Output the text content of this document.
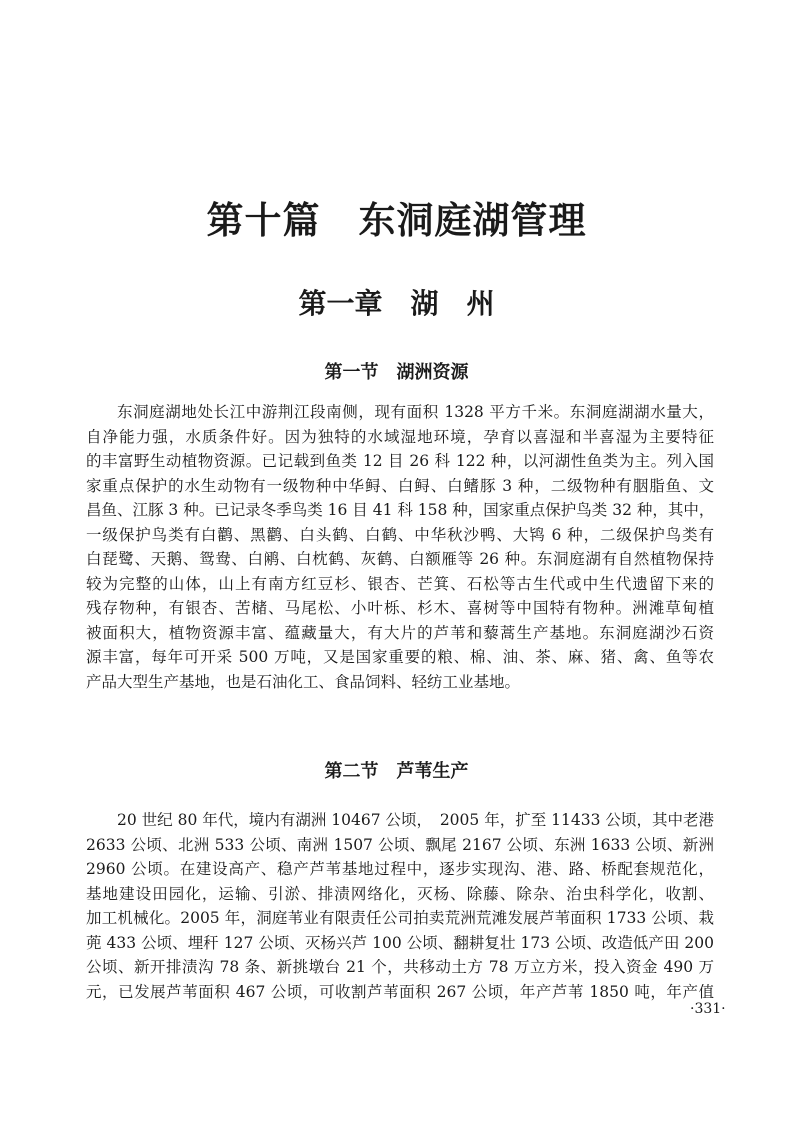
第十篇　东洞庭湖管理
第一章　湖　州
第一节　湖洲资源
东洞庭湖地处长江中游荆江段南侧，现有面积 1328 平方千米。东洞庭湖湖水量大，
自净能力强，水质条件好。因为独特的水域湿地环境，孕育以喜湿和半喜湿为主要特征
的丰富野生动植物资源。已记载到鱼类 12 目 26 科 122 种，以河湖性鱼类为主。列入国
家重点保护的水生动物有一级物种中华鲟、白鲟、白鳍豚 3 种，二级物种有胭脂鱼、文
昌鱼、江豚 3 种。已记录冬季鸟类 16 目 41 科 158 种，国家重点保护鸟类 32 种，其中，
一级保护鸟类有白鹳、黑鹳、白头鹤、白鹤、中华秋沙鸭、大鸨 6 种，二级保护鸟类有
白琵鹭、天鹅、鸳鸯、白鹇、白枕鹤、灰鹤、白额雁等 26 种。东洞庭湖有自然植物保持
较为完整的山体，山上有南方红豆杉、银杏、芒箕、石松等古生代或中生代遗留下来的
残存物种，有银杏、苦槠、马尾松、小叶栎、杉木、喜树等中国特有物种。洲滩草甸植
被面积大，植物资源丰富、蕴藏量大，有大片的芦苇和藜蒿生产基地。东洞庭湖沙石资
源丰富，每年可开采 500 万吨，又是国家重要的粮、棉、油、茶、麻、猪、禽、鱼等农
产品大型生产基地，也是石油化工、食品饲料、轻纺工业基地。
第二节　芦苇生产
20 世纪 80 年代，境内有湖洲 10467 公顷，　2005 年，扩至 11433 公顷，其中老港
2633 公顷、北洲 533 公顷、南洲 1507 公顷、飘尾 2167 公顷、东洲 1633 公顷、新洲
2960 公顷。在建设高产、稳产芦苇基地过程中，逐步实现沟、港、路、桥配套规范化，
基地建设田园化，运输、引淤、排渍网络化，灭杨、除藤、除杂、治虫科学化，收割、
加工机械化。2005 年，洞庭苇业有限责任公司拍卖荒洲荒滩发展芦苇面积 1733 公顷、栽
蔸 433 公顷、埋秆 127 公顷、灭杨兴芦 100 公顷、翻耕复壮 173 公顷、改造低产田 200
公顷、新开排渍沟 78 条、新挑墩台 21 个，共移动土方 78 万立方米，投入资金 490 万
元，已发展芦苇面积 467 公顷，可收割芦苇面积 267 公顷，年产芦苇 1850 吨，年产值
·331·
